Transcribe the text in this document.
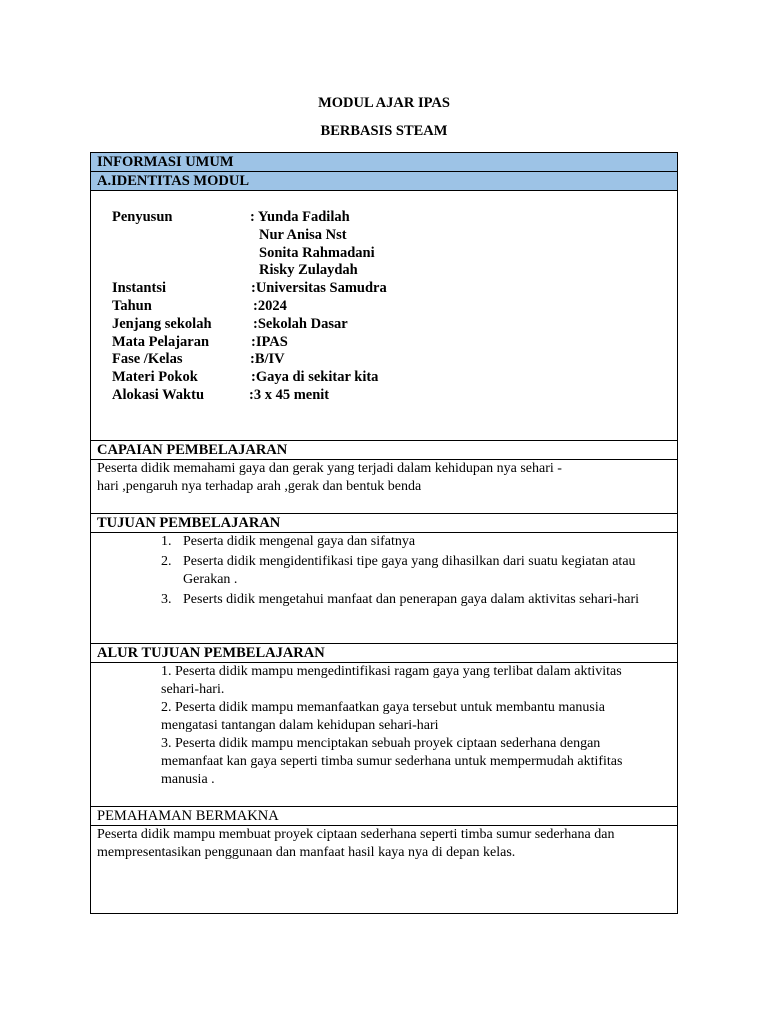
MODUL AJAR IPAS
BERBASIS STEAM
INFORMASI UMUM
A.IDENTITAS MODUL
Penyusun	: Yunda Fadilah
Nur Anisa Nst
Sonita Rahmadani
Risky Zulaydah
Instantsi	:Universitas Samudra
Tahun	:2024
Jenjang sekolah	:Sekolah Dasar
Mata Pelajaran	:IPAS
Fase /Kelas	:B/IV
Materi Pokok	:Gaya di sekitar kita
Alokasi Waktu	:3 x 45 menit
CAPAIAN PEMBELAJARAN
Peserta didik memahami gaya dan gerak yang terjadi dalam kehidupan nya sehari -
hari ,pengaruh nya terhadap arah ,gerak dan bentuk benda
TUJUAN PEMBELAJARAN
1. Peserta didik mengenal gaya dan sifatnya
2. Peserta didik mengidentifikasi tipe gaya yang dihasilkan dari suatu kegiatan atau Gerakan .
3. Peserts didik mengetahui manfaat dan penerapan gaya dalam aktivitas sehari-hari
ALUR TUJUAN PEMBELAJARAN

1. Peserta didik mampu mengedintifikasi ragam gaya yang terlibat dalam aktivitas sehari-hari.

2. Peserta didik mampu memanfaatkan gaya tersebut untuk membantu manusia mengatasi tantangan dalam kehidupan sehari-hari

3. Peserta didik mampu menciptakan sebuah proyek ciptaan sederhana dengan memanfaat kan gaya seperti timba sumur sederhana untuk mempermudah aktifitas manusia .

PEMAHAMAN BERMAKNA
Peserta didik mampu membuat proyek ciptaan sederhana seperti timba sumur sederhana dan
mempresentasikan penggunaan dan manfaat hasil kaya nya di depan kelas.
